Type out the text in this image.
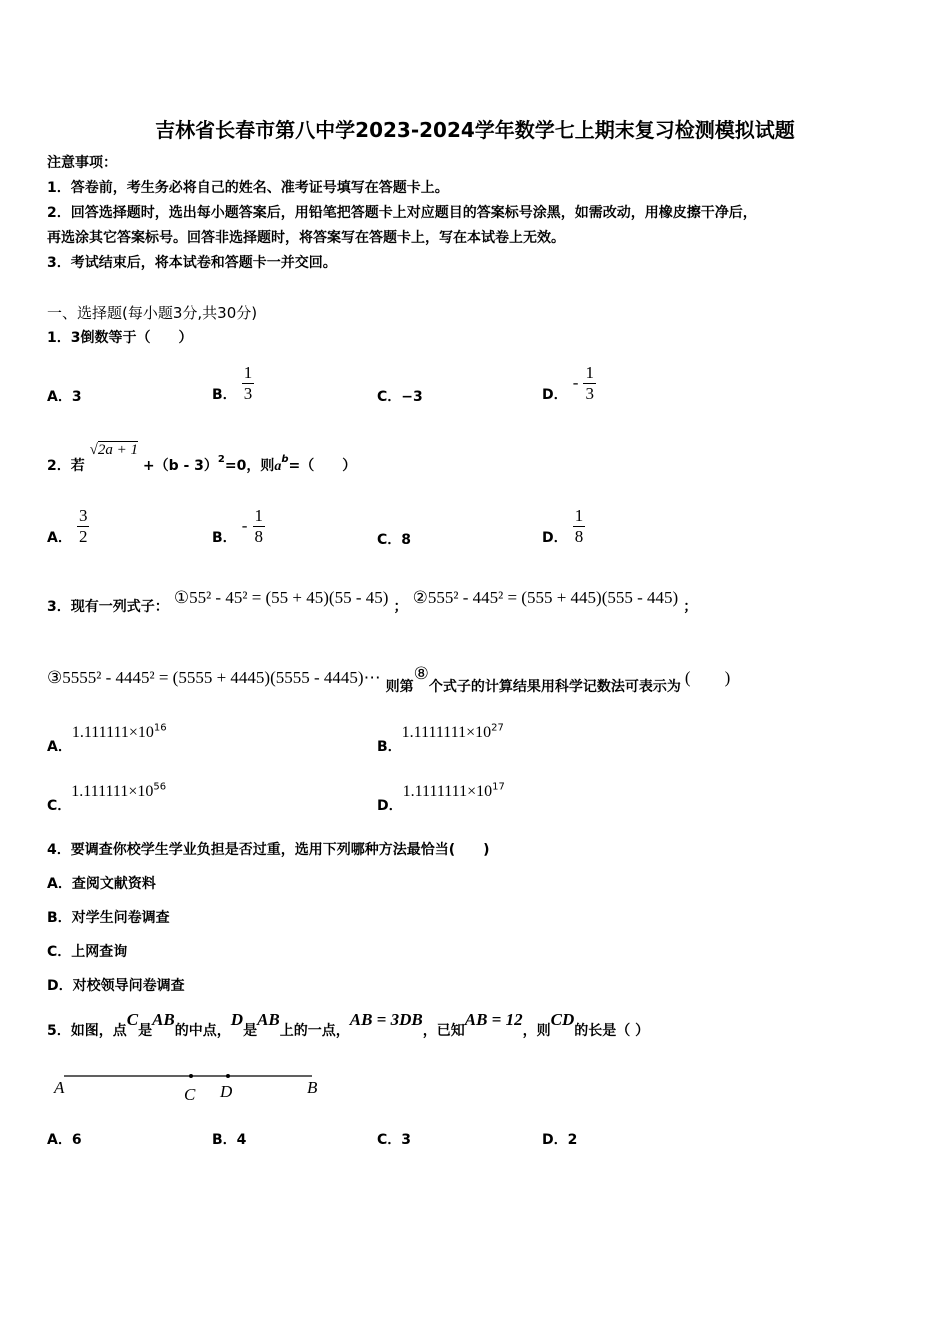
吉林省长春市第八中学2023-2024学年数学七上期末复习检测模拟试题
注意事项：
1．答卷前，考生务必将自己的姓名、准考证号填写在答题卡上。
2．回答选择题时，选出每小题答案后，用铅笔把答题卡上对应题目的答案标号涂黑，如需改动，用橡皮擦干净后，
再选涂其它答案标号。回答非选择题时，将答案写在答题卡上，写在本试卷上无效。
3．考试结束后，将本试卷和答题卡一并交回。
一、选择题(每小题3分,共30分)
1．3倒数等于（　　）
A．3	B． $\frac{1}{3}$	C．−3	D． - $\frac{1}{3}$
2．若 √2a + 1 +（b - 3）$^2$=0，则$a^b=$（　　）
A． $\frac{3}{2}$	B． - $\frac{1}{8}$	C．8	D． $\frac{1}{8}$
3．现有一列式子： ①55² - 45² = (55 + 45)(55 - 45) ； ②555² - 445² = (555 + 445)(555 - 445) ；
③5555² - 4445² = (5555 + 4445)(5555 - 4445)⋯ 则第⑧个式子的计算结果用科学记数法可表示为 (　　)
A．$1.111111\times 10^{16}$
B．$1.1111111\times 10^{27}$
C．$1.111111\times 10^{56}$
D．$1.1111111\times 10^{17}$
4．要调查你校学生学业负担是否过重，选用下列哪种方法最恰当(　　)
A．查阅文献资料
B．对学生问卷调查
C．上网查询
D．对校领导问卷调查
5．如图，点C是AB的中点，D是AB上的一点，AB = 3DB，已知AB = 12，则CD的长是（ ）
A	C D	B
A．6	B．4	C．3	D．2
